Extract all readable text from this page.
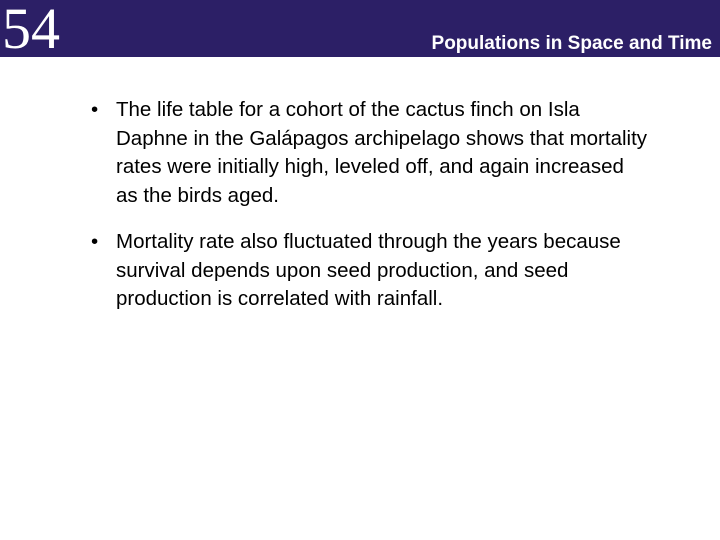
54	Populations in Space and Time
• The life table for a cohort of the cactus finch on Isla Daphne in the Galápagos archipelago shows that mortality rates were initially high, leveled off, and again increased as the birds aged.
• Mortality rate also fluctuated through the years because survival depends upon seed production, and seed production is correlated with rainfall.
